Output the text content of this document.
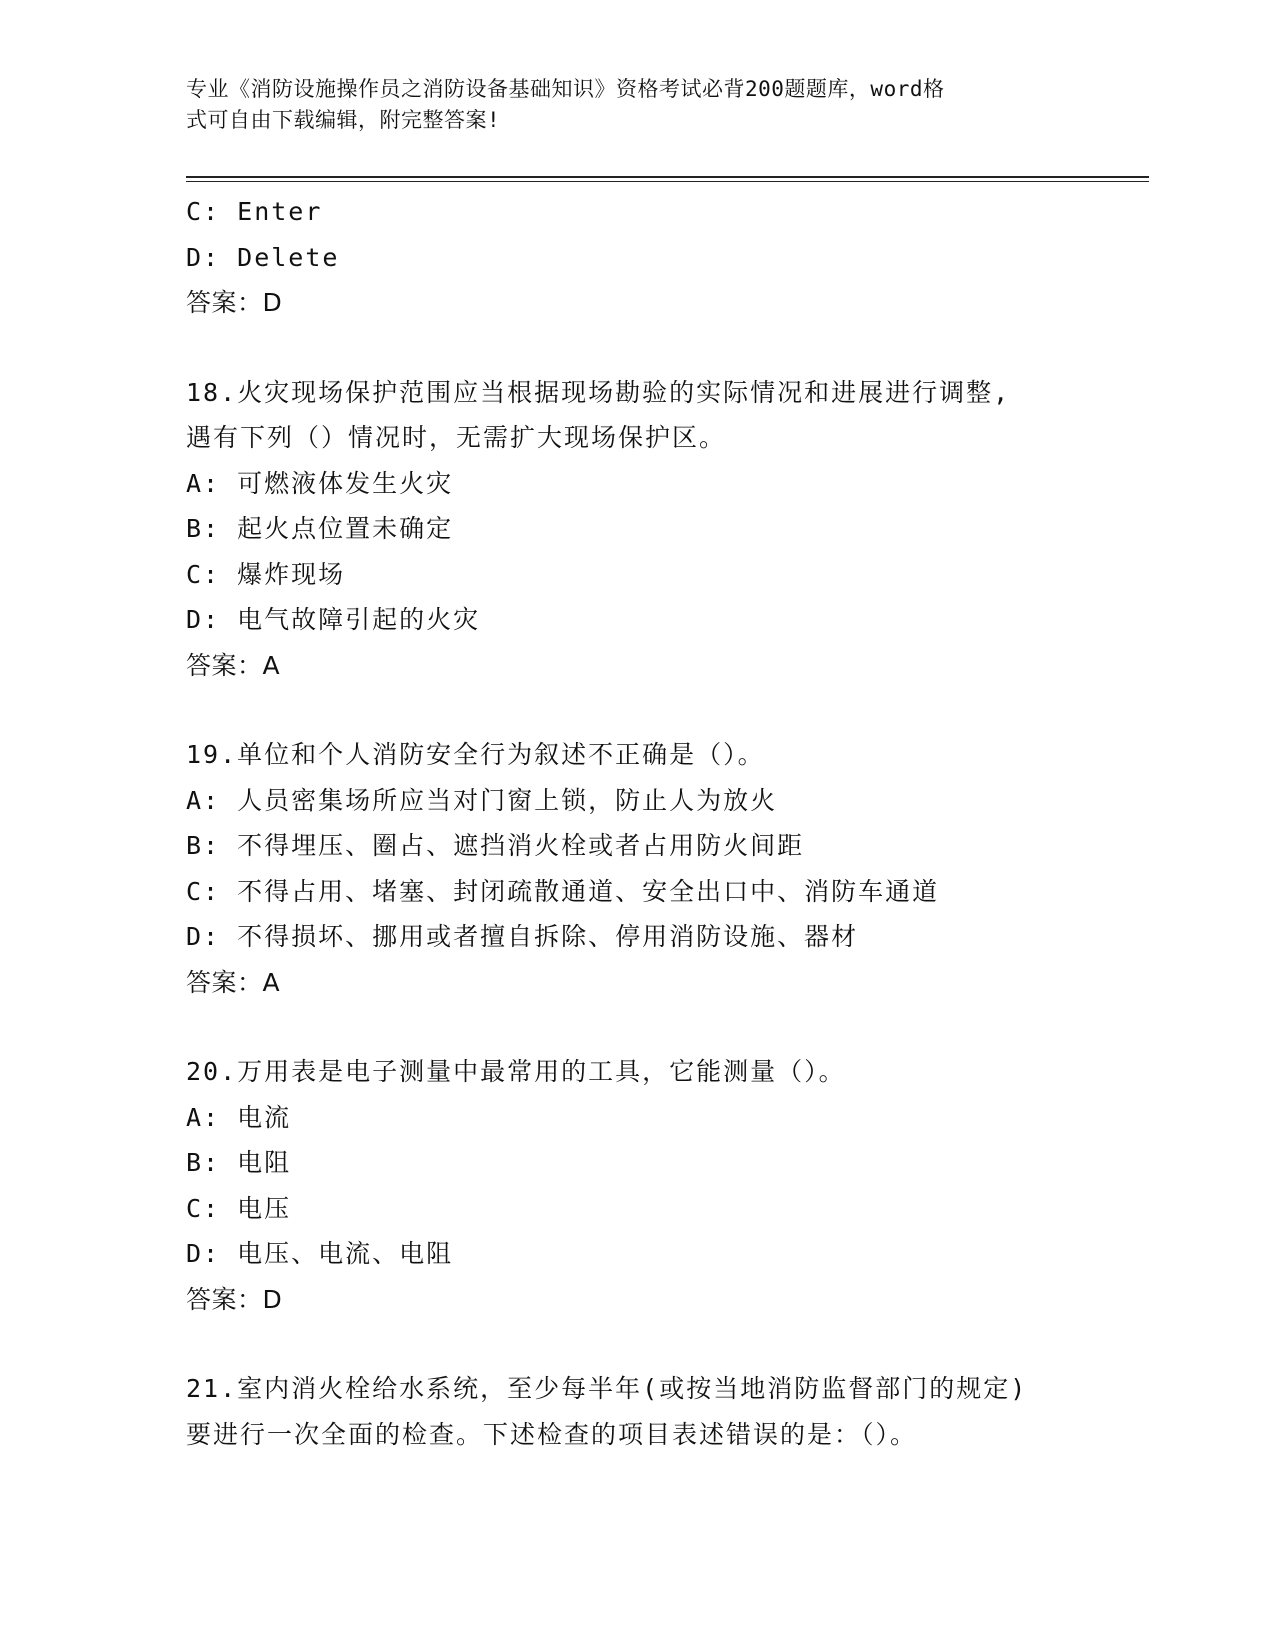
专业《消防设施操作员之消防设备基础知识》资格考试必背200题题库，word格
式可自由下载编辑，附完整答案!
C: Enter
D: Delete
答案：D
18.火灾现场保护范围应当根据现场勘验的实际情况和进展进行调整,
遇有下列（）情况时，无需扩大现场保护区。
A: 可燃液体发生火灾
B: 起火点位置未确定
C: 爆炸现场
D: 电气故障引起的火灾
答案：A
19.单位和个人消防安全行为叙述不正确是（）。
A: 人员密集场所应当对门窗上锁，防止人为放火
B: 不得埋压、圈占、遮挡消火栓或者占用防火间距
C: 不得占用、堵塞、封闭疏散通道、安全出口中、消防车通道
D: 不得损坏、挪用或者擅自拆除、停用消防设施、器材
答案：A
20.万用表是电子测量中最常用的工具，它能测量（）。
A: 电流
B: 电阻
C: 电压
D: 电压、电流、电阻
答案：D
21.室内消火栓给水系统，至少每半年(或按当地消防监督部门的规定)
要进行一次全面的检查。下述检查的项目表述错误的是：（）。
